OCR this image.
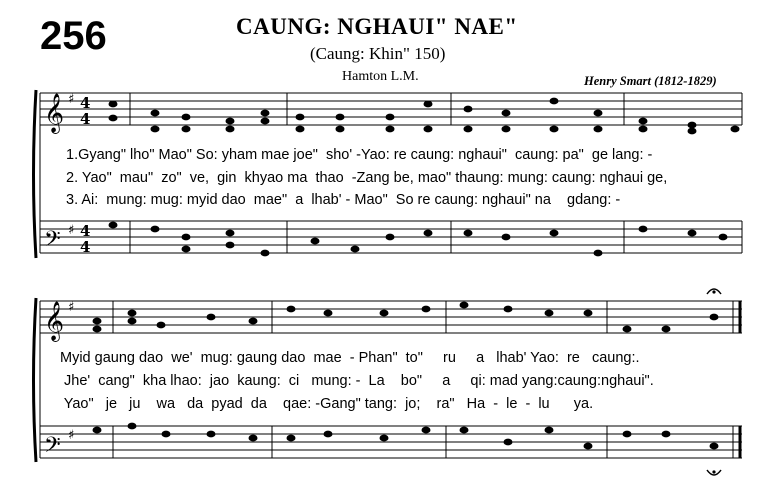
256	CAUNG: NGHAUI" NAE"
(Caung: Khin" 150)
Hamton L.M.	Henry Smart (1812-1829)
𝄞
𝄢
𝄞
𝄢
♯
♯
♯
♯
4
4
4
4
1.Gyang" lho" Mao" So: yham mae joe"  sho' -Yao: re caung: nghaui"  caung: pa"  ge lang: -
2. Yao"  mau"  zo"  ve,  gin  khyao ma  thao  -Zang be, mao" thaung: mung: caung: nghaui ge,
3. Ai:  mung: mug: myid dao  mae"  a  lhab' - Mao"  So re caung: nghaui" na    gdang: -
Myid gaung dao  we'  mug: gaung dao  mae  - Phan"  to"     ru     a   lhab' Yao:  re   caung:.
Jhe'  cang"  kha lhao:  jao  kaung:  ci   mung: -  La    bo"     a     qi: mad yang:caung:nghaui".
Yao"   je   ju    wa   da  pyad  da    qae: -Gang" tang:  jo;    ra"   Ha  -  le  -  lu      ya.
